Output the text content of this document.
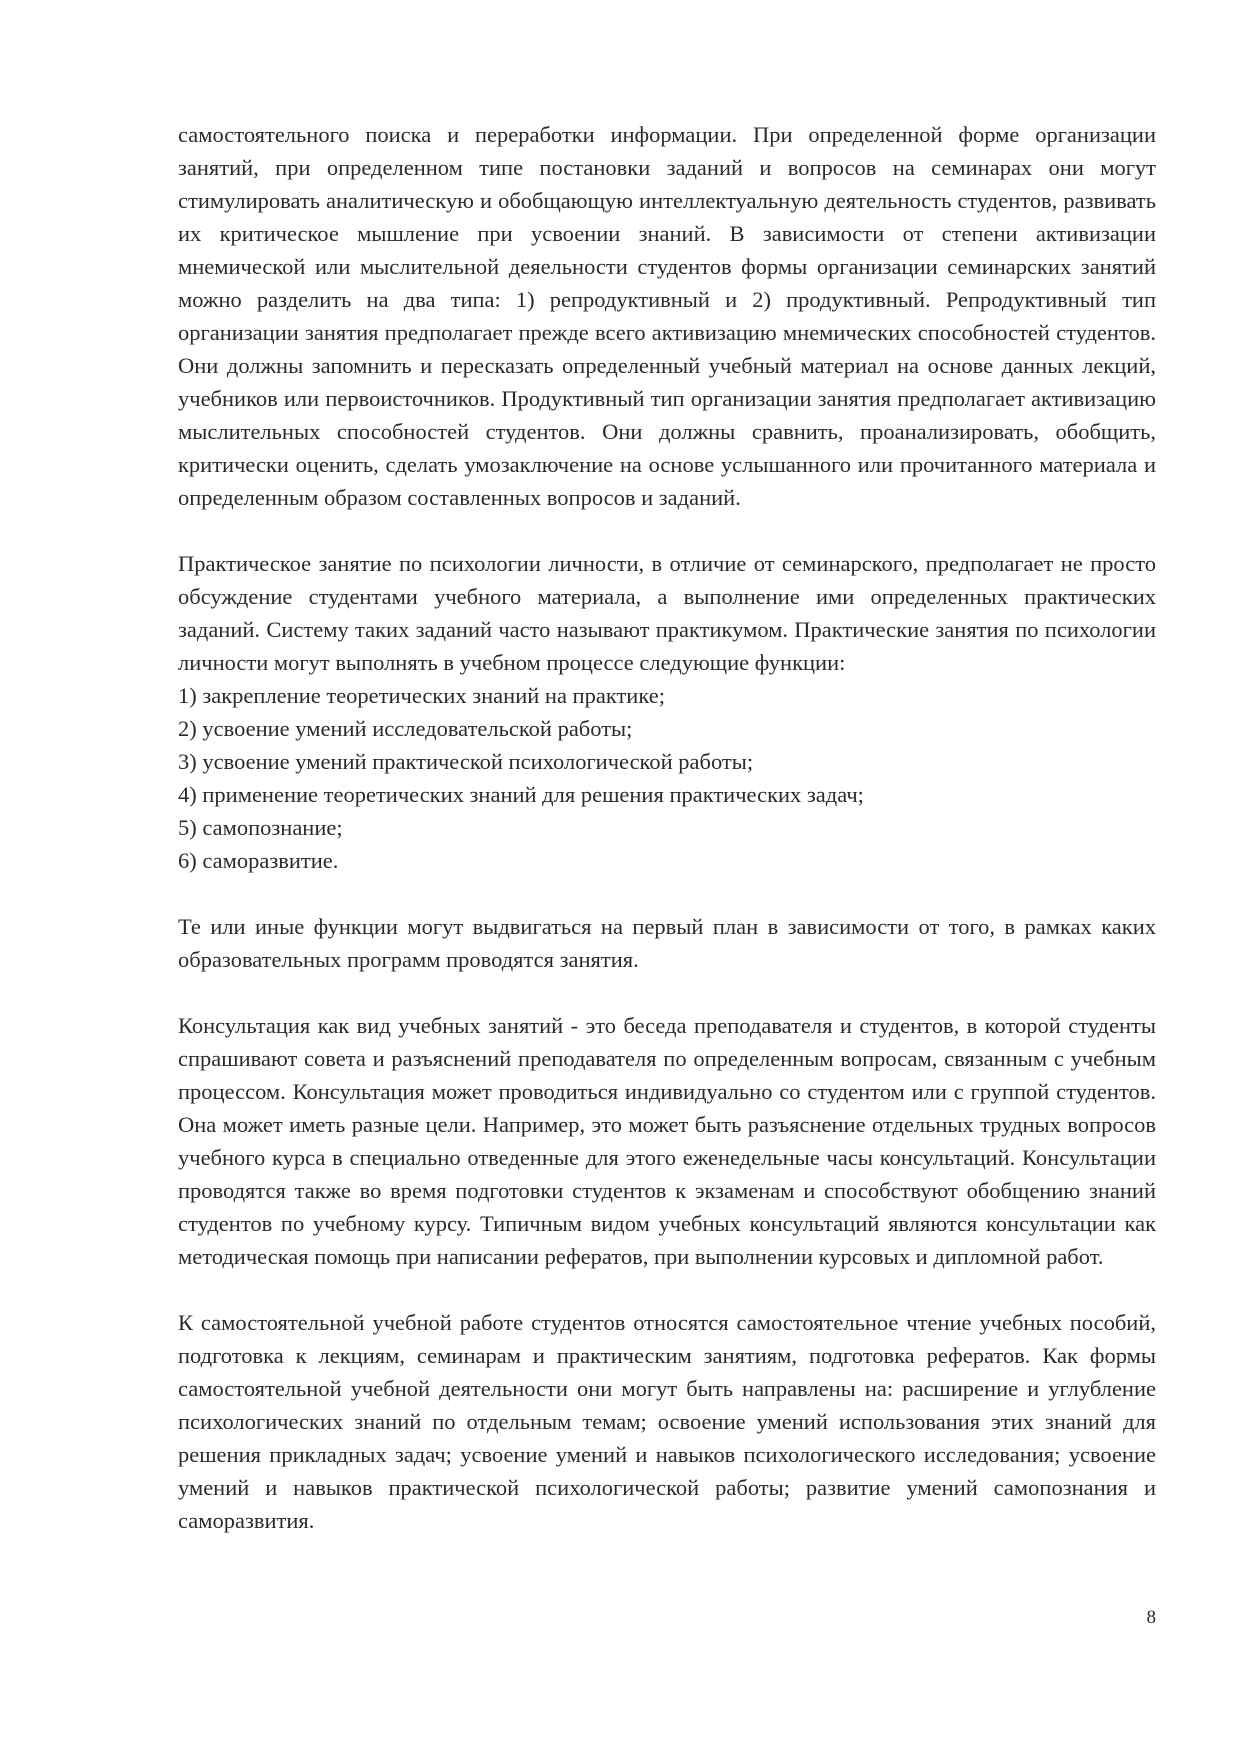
самостоятельного поиска и переработки информации. При определенной форме организации занятий, при определенном типе постановки заданий и вопросов на семинарах они могут стимулировать аналитическую и обобщающую интеллектуальную деятельность студентов, развивать их критическое мышление при усвоении знаний. В зависимости от степени активизации мнемической или мыслительной деяельности студентов формы организации семинарских занятий можно разделить на два типа: 1) репродуктивный и 2) продуктивный. Репродуктивный тип организации занятия предполагает прежде всего активизацию мнемических способностей студентов. Они должны запомнить и пересказать определенный учебный материал на основе данных лекций, учебников или первоисточников. Продуктивный тип организации занятия предполагает активизацию мыслительных способностей студентов. Они должны сравнить, проанализировать, обобщить, критически оценить, сделать умозаключение на основе услышанного или прочитанного материала и определенным образом составленных вопросов и заданий.

Практическое занятие по психологии личности, в отличие от семинарского, предполагает не просто обсуждение студентами учебного материала, а выполнение ими определенных практических заданий. Систему таких заданий часто называют практикумом. Практические занятия по психологии личности могут выполнять в учебном процессе следующие функции:

1) закрепление теоретических знаний на практике;
2) усвоение умений исследовательской работы;
3) усвоение умений практической психологической работы;
4) применение теоретических знаний для решения практических задач;
5) самопознание;
6) саморазвитие.

Те или иные функции могут выдвигаться на первый план в зависимости от того, в рамках каких образовательных программ проводятся занятия.

Консультация как вид учебных занятий - это беседа преподавателя и студентов, в которой студенты спрашивают совета и разъяснений преподавателя по определенным вопросам, связанным с учебным процессом. Консультация может проводиться индивидуально со студентом или с группой студентов. Она может иметь разные цели. Например, это может быть разъяснение отдельных трудных вопросов учебного курса в специально отведенные для этого еженедельные часы консультаций. Консультации проводятся также во время подготовки студентов к экзаменам и способствуют обобщению знаний студентов по учебному курсу. Типичным видом учебных консультаций являются консультации как методическая помощь при написании рефератов, при выполнении курсовых и дипломной работ.

К самостоятельной учебной работе студентов относятся самостоятельное чтение учебных пособий, подготовка к лекциям, семинарам и практическим занятиям, подготовка рефератов. Как формы самостоятельной учебной деятельности они могут быть направлены на: расширение и углубление психологических знаний по отдельным темам; освоение умений использования этих знаний для решения прикладных задач; усвоение умений и навыков психологического исследования; усвоение умений и навыков практической психологической работы; развитие умений самопознания и саморазвития.

8
